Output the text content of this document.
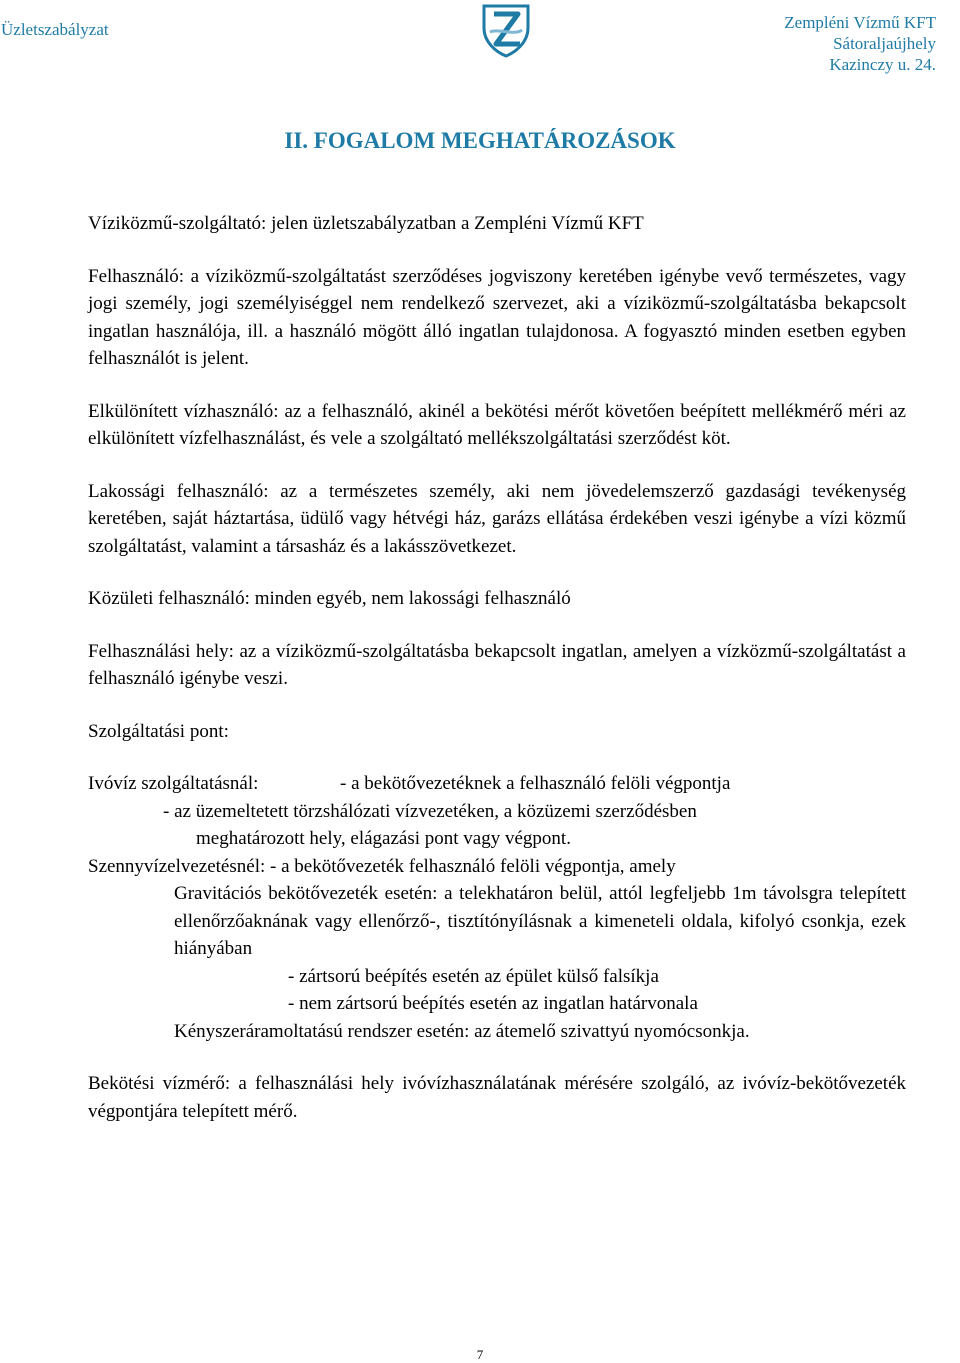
Üzletszabályzat	Zempléni Vízmű KFT
Sátoraljaújhely
Kazinczy u. 24.
II. FOGALOM MEGHATÁROZÁSOK

Víziközmű-szolgáltató: jelen üzletszabályzatban a Zempléni Vízmű KFT

Felhasználó: a víziközmű-szolgáltatást szerződéses jogviszony keretében igénybe vevő természetes, vagy jogi személy, jogi személyiséggel nem rendelkező szervezet, aki a víziközmű-szolgáltatásba bekapcsolt ingatlan használója, ill. a használó mögött álló ingatlan tulajdonosa. A fogyasztó minden esetben egyben felhasználót is jelent.

Elkülönített vízhasználó: az a felhasználó, akinél a bekötési mérőt követően beépített mellékmérő méri az elkülönített vízfelhasználást, és vele a szolgáltató mellékszolgáltatási szerződést köt.

Lakossági felhasználó: az a természetes személy, aki nem jövedelemszerző gazdasági tevékenység keretében, saját háztartása, üdülő vagy hétvégi ház, garázs ellátása érdekében veszi igénybe a vízi közmű szolgáltatást, valamint a társasház és a lakásszövetkezet.

Közületi felhasználó: minden egyéb, nem lakossági felhasználó

Felhasználási hely: az a víziközmű-szolgáltatásba bekapcsolt ingatlan, amelyen a vízközmű-szolgáltatást a felhasználó igénybe veszi.

Szolgáltatási pont:

Ivóvíz szolgáltatásnál:	- a bekötővezetéknek a felhasználó felöli végpontja
- az üzemeltetett törzshálózati vízvezetéken, a közüzemi szerződésben
meghatározott hely, elágazási pont vagy végpont.
Szennyvízelvezetésnél: - a bekötővezeték felhasználó felöli végpontja, amely
Gravitációs bekötővezeték esetén: a telekhatáron belül, attól legfeljebb 1m távolsgra telepített ellenőrzőaknának vagy ellenőrző-, tisztítónyílásnak a kimeneteli oldala, kifolyó csonkja, ezek hiányában
- zártsorú beépítés esetén az épület külső falsíkja
- nem zártsorú beépítés esetén az ingatlan határvonala
Kényszeráramoltatású rendszer esetén: az átemelő szivattyú nyomócsonkja.

Bekötési vízmérő: a felhasználási hely ivóvízhasználatának mérésére szolgáló, az ivóvíz-bekötővezeték végpontjára telepített mérő.

7
